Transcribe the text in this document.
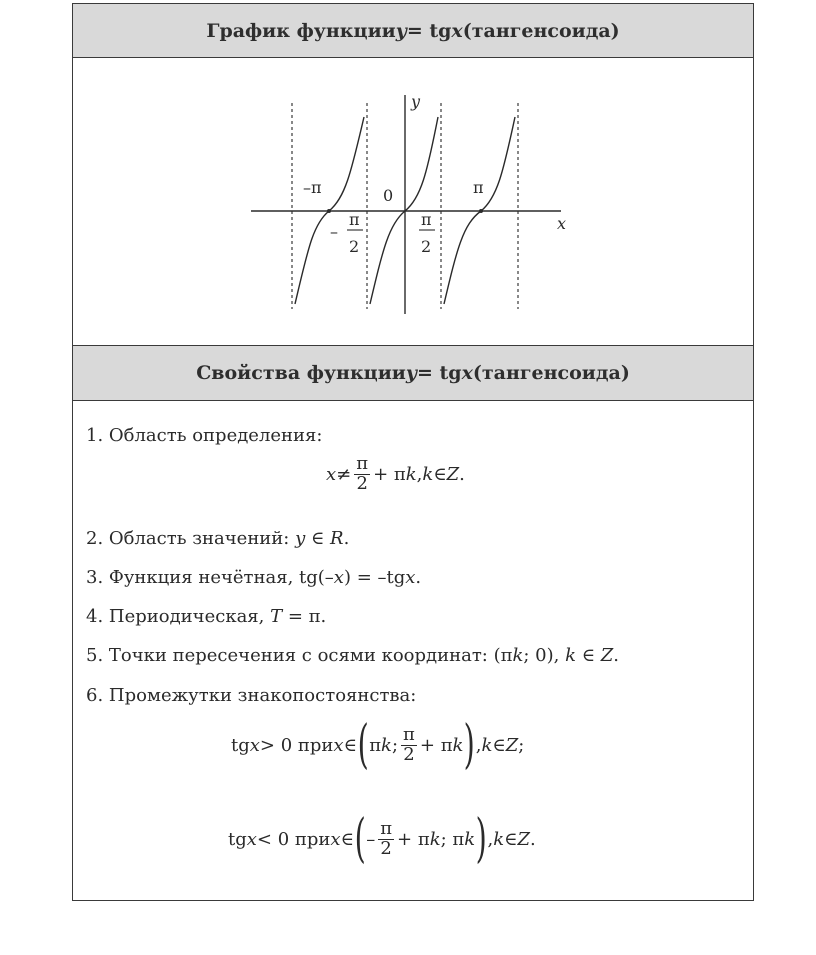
График функции y = tg x (тангенсоида)
y
x
0
–π	π
–
π
2
π
2
Свойства функции y = tg x (тангенсоида)
1. Область определения:
$x \ne \frac{\pi}{2} + \pi$ k , k ∈ Z .
2. Область значений: y ∈ R.
3. Функция нечётная, tg(–x) = –tgx.
4. Периодическая, T = π.
5. Точки пересечения с осями координат: (πk; 0), k ∈ Z.
6. Промежутки знакопостоянства:
tg x > 0 при x ∈ ( π k ; $\frac{\pi}{2} + \pi$ k ) , k ∈ Z ;
tg x < 0 при x ∈ ( – $\frac{\pi}{2} + \pi$ k ; π k ) , k ∈ Z .
